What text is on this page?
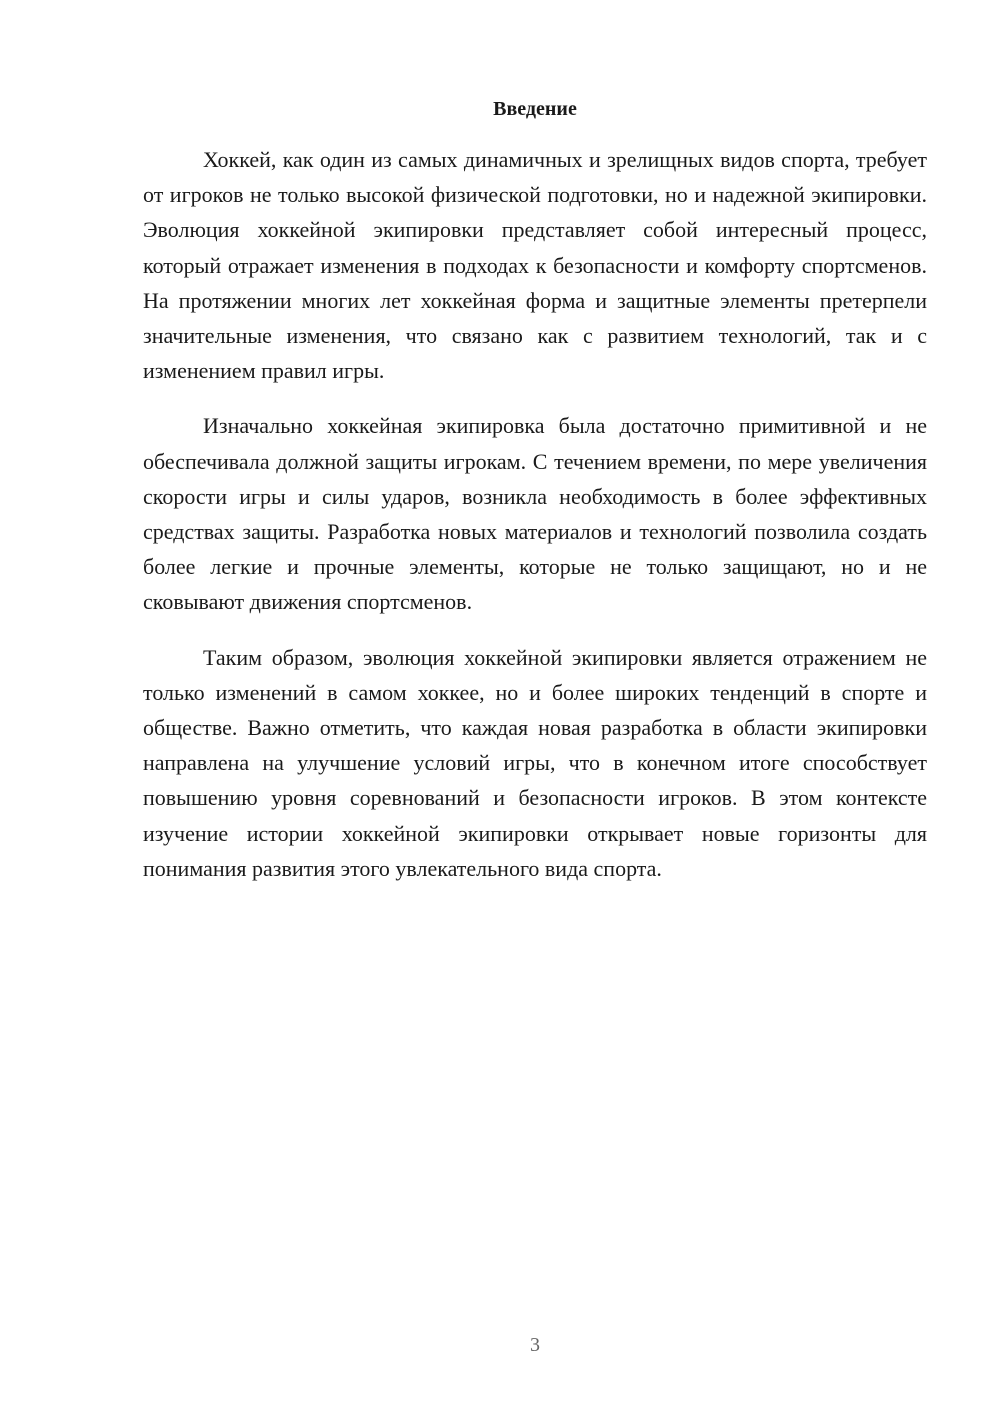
Введение

Хоккей, как один из самых динамичных и зрелищных видов спорта, требует от игроков не только высокой физической подготовки, но и надежной экипировки. Эволюция хоккейной экипировки представляет собой интересный процесс, который отражает изменения в подходах к безопасности и комфорту спортсменов. На протяжении многих лет хоккейная форма и защитные элементы претерпели значительные изменения, что связано как с развитием технологий, так и с изменением правил игры.

Изначально хоккейная экипировка была достаточно примитивной и не обеспечивала должной защиты игрокам. С течением времени, по мере увеличения скорости игры и силы ударов, возникла необходимость в более эффективных средствах защиты. Разработка новых материалов и технологий позволила создать более легкие и прочные элементы, которые не только защищают, но и не сковывают движения спортсменов.

Таким образом, эволюция хоккейной экипировки является отражением не только изменений в самом хоккее, но и более широких тенденций в спорте и обществе. Важно отметить, что каждая новая разработка в области экипировки направлена на улучшение условий игры, что в конечном итоге способствует повышению уровня соревнований и безопасности игроков. В этом контексте изучение истории хоккейной экипировки открывает новые горизонты для понимания развития этого увлекательного вида спорта.

3
